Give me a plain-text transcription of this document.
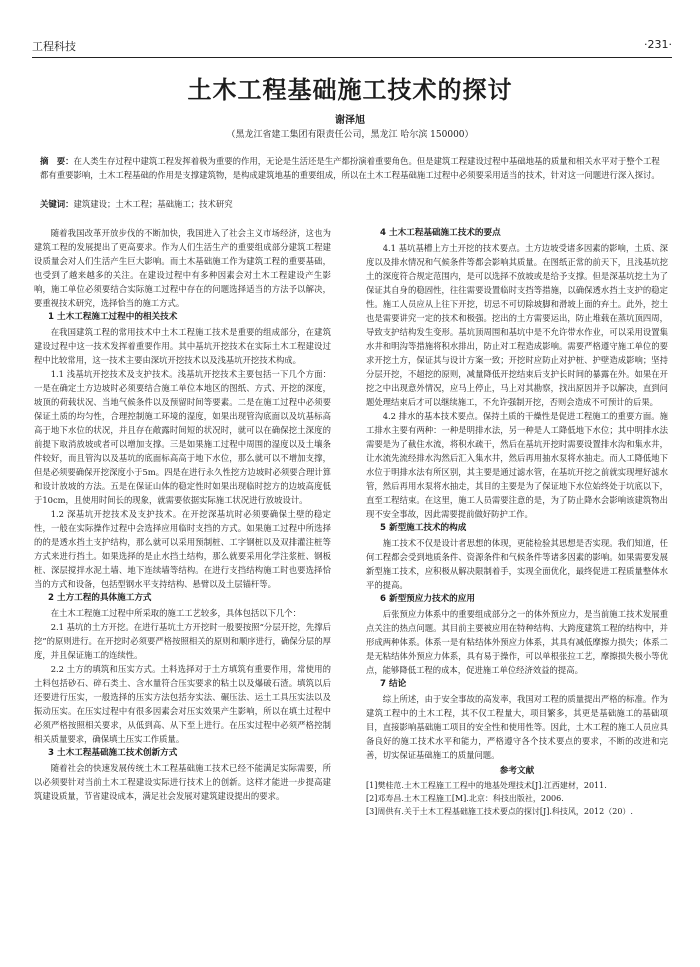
工程科技	·231·
土木工程基础施工技术的探讨
谢泽旭
（黑龙江省建工集团有限责任公司，黑龙江 哈尔滨 150000）
摘　要：在人类生存过程中建筑工程发挥着极为重要的作用，无论是生活还是生产都扮演着重要角色。但是建筑工程建设过程中基础地基的质量和相关水平对于整个工程都有重要影响，土木工程基础的作用是支撑建筑物，是构成建筑地基的重要组成，所以在土木工程基础施工过程中必须要采用适当的技术，针对这一问题进行深入探讨。
关键词：建筑建设；土木工程；基础施工；技术研究

随着我国改革开放步伐的不断加快，我国进入了社会主义市场经济，这也为建筑工程的发展提出了更高要求。作为人们生活生产的重要组成部分建筑工程建设质量会对人们生活产生巨大影响。而土木基础施工作为建筑工程的重要基础，也受到了越来越多的关注。在建设过程中有多种因素会对土木工程建设产生影响，施工单位必须要结合实际施工过程中存在的问题选择适当的方法予以解决，要重视技术研究，选择恰当的施工方式。

1 土木工程施工过程中的相关技术

在我国建筑工程的常用技术中土木工程施工技术是重要的组成部分，在建筑建设过程中这一技术发挥着重要作用。其中基坑开挖技术在实际土木工程建设过程中比较常用，这一技术主要由深坑开挖技术以及浅基坑开挖技术构成。

1.1 浅基坑开挖技术及支护技术。浅基坑开挖技术主要包括一下几个方面：一是在确定土方边坡时必须要结合施工单位本地区的图纸、方式、开挖的深度，坡顶的荷载状况、当地气候条件以及预留时间等要素。二是在施工过程中必须要保证土质的均匀性，合理控制施工环境的湿度，如果出现管沟底面以及坑基标高高于地下水位的状况，并且存在敞露时间短的状况时，就可以在确保挖土深度的前提下取消放坡或者可以增加支撑。三是如果施工过程中周围的湿度以及土壤条件较好，而且管沟以及基坑的底面标高高于地下水位，那么就可以不增加支撑，但是必须要确保开挖深度小于5m。四是在进行永久性挖方边坡时必须要合理计算和设计放坡的方法。五是在保证山体的稳定性时如果出现临时挖方的边坡高度低于10cm，且使用时间长的现象，就需要依据实际施工状况进行放坡设计。

1.2 深基坑开挖技术及支护技术。在开挖深基坑时必须要确保土壁的稳定性，一般在实际操作过程中会选择应用临时支挡的方式。如果施工过程中所选择的的是透水挡土支护结构，那么就可以采用预制桩、工字钢桩以及双排灌注桩等方式来进行挡土。如果选择的是止水挡土结构，那么就要采用化学注浆桩、钢板桩、深层搅拌水泥土墙、地下连续墙等结构。在进行支挡结构施工时也要选择恰当的方式和设备，包括型钢水平支持结构、悬臂以及土层锚杆等。

2 土方工程的具体施工方式

在土木工程施工过程中所采取的施工工艺较多，具体包括以下几个：

2.1 基坑的土方开挖。在进行基坑土方开挖时一般要按照“分层开挖，先撑后挖”的原则进行。在开挖时必须要严格按照相关的原则和顺序进行，确保分层的厚度，并且保证施工的连续性。

2.2 土方的填筑和压实方式。土料选择对于土方填筑有重要作用，常使用的土料包括砂石、碎石类土、含水量符合压实要求的粘土以及爆破石渣。填筑以后还要进行压实，一般选择的压实方法包括夯实法、碾压法、运土工具压实法以及振动压实。在压实过程中有很多因素会对压实效果产生影响，所以在填土过程中必须严格按照相关要求，从低到高、从下至上进行。在压实过程中必须严格控制相关质量要求，确保填土压实工作质量。

3 土木工程基础施工技术创新方式

随着社会的快速发展传统土木工程基础施工技术已经不能满足实际需要，所以必须要针对当前土木工程建设实际进行技术上的创新。这样才能进一步提高建筑建设质量，节省建设成本，满足社会发展对建筑建设提出的要求。

4 土木工程基础施工技术的要点

4.1 基坑基槽上方土开挖的技术要点。土方边坡受诸多因素的影响，土质、深度以及排水情况和气候条件等都会影响其质量。在图纸正常的前天下，且浅基坑挖土的深度符合规定范围内，是可以选择不放坡或是给予支撑。但是深基坑挖土为了保证其自身的稳固性，往往需要设置临时支挡等措施，以确保透水挡土支护的稳定性。施工人员应从上往下开挖，切忌不可切除坡脚和滑坡上面的弃土。此外，挖土也是需要讲究一定的技术和极强。挖出的土方需要运出，防止堆载在蒸坑顶四周，导致支护结构发生变形。基坑顶周围和基坑中是不允许带水作业，可以采用设置集水井和明沟等措施将积水排出，防止对工程造成影响。需要严格遵守施工单位的要求开挖土方，保证其与设计方案一致；开挖时应防止对护桩、护壁造成影响；坚持分层开挖，不超挖的原则，减量降低开挖结束后支护长时间的暴露在外。如果在开挖之中出现意外情况，应马上停止，马上对其勘察，找出原因并予以解决，直到问题处理结束后才可以继续施工，不允许强制开挖，否则会造成不可预计的后果。

4.2 排水的基本技术要点。保持土质的干燥性是促进工程施工的重要方面。施工排水主要有两种：一种是明排水法，另一种是人工降低地下水位；其中明排水法需要是为了截住水流，将积水疏干，然后在基坑开挖时需要设置排水沟和集水井，让水流先流经排水沟然后汇入集水井，然后再用抽水泵将水抽走。而人工降低地下水位于明排水法有所区别，其主要是通过滤水管，在基坑开挖之前就实现埋好滤水管，然后再用水泵将水抽走，其目的主要是为了保证地下水位始终处于坑底以下，直至工程结束。在这里，施工人员需要注意的是，为了防止降水会影响该建筑物出现不安全事故，因此需要提前做好防护工作。

5 新型施工技术的构成

施工技术不仅是设计者思想的体现，更能检验其思想是否实现。我们知道，任何工程都会受到地质条件、资源条件和气候条件等诸多因素的影响。如果需要发展新型施工技术，应积极从解决限制着手，实现全面优化，最终促进工程质量整体水平的提高。

6 新型预应力技术的应用

后张预应力体系中的重要组成部分之一的体外预应力，是当前施工技术发展重点关注的热点问题。其目前主要被应用在特种结构、大跨度建筑工程的结构中，并形成两种体系。体系一是有粘结体外预应力体系，其具有减低摩擦力损失；体系二是无粘结体外预应力体系，具有易于操作，可以单根张拉工艺，摩擦损失极小等优点，能够降低工程的成本，促进施工单位经济效益的提高。

7 结论

综上所述，由于安全事故的高发率，我国对工程的质量提出严格的标准。作为建筑工程中的土木工程，其不仅工程量大，项目繁多，其更是基础施工的基础项目，直接影响基础施工项目的安全性和使用性等。因此，土木工程的施工人员应具备良好的施工技术水平和能力，严格遵守各个技术要点的要求，不断的改进和完善，切实保证基础施工的质量问题。

参考文献
[1]樊桂范.土木工程施工工程中的地基处理技术[J].江西建材，2011.
[2]邓寿昌.土木工程施工[M].北京：科技出版社，2006.
[3]周供有.关于土木工程基础施工技术要点的探讨[J].科技风，2012（20）.
